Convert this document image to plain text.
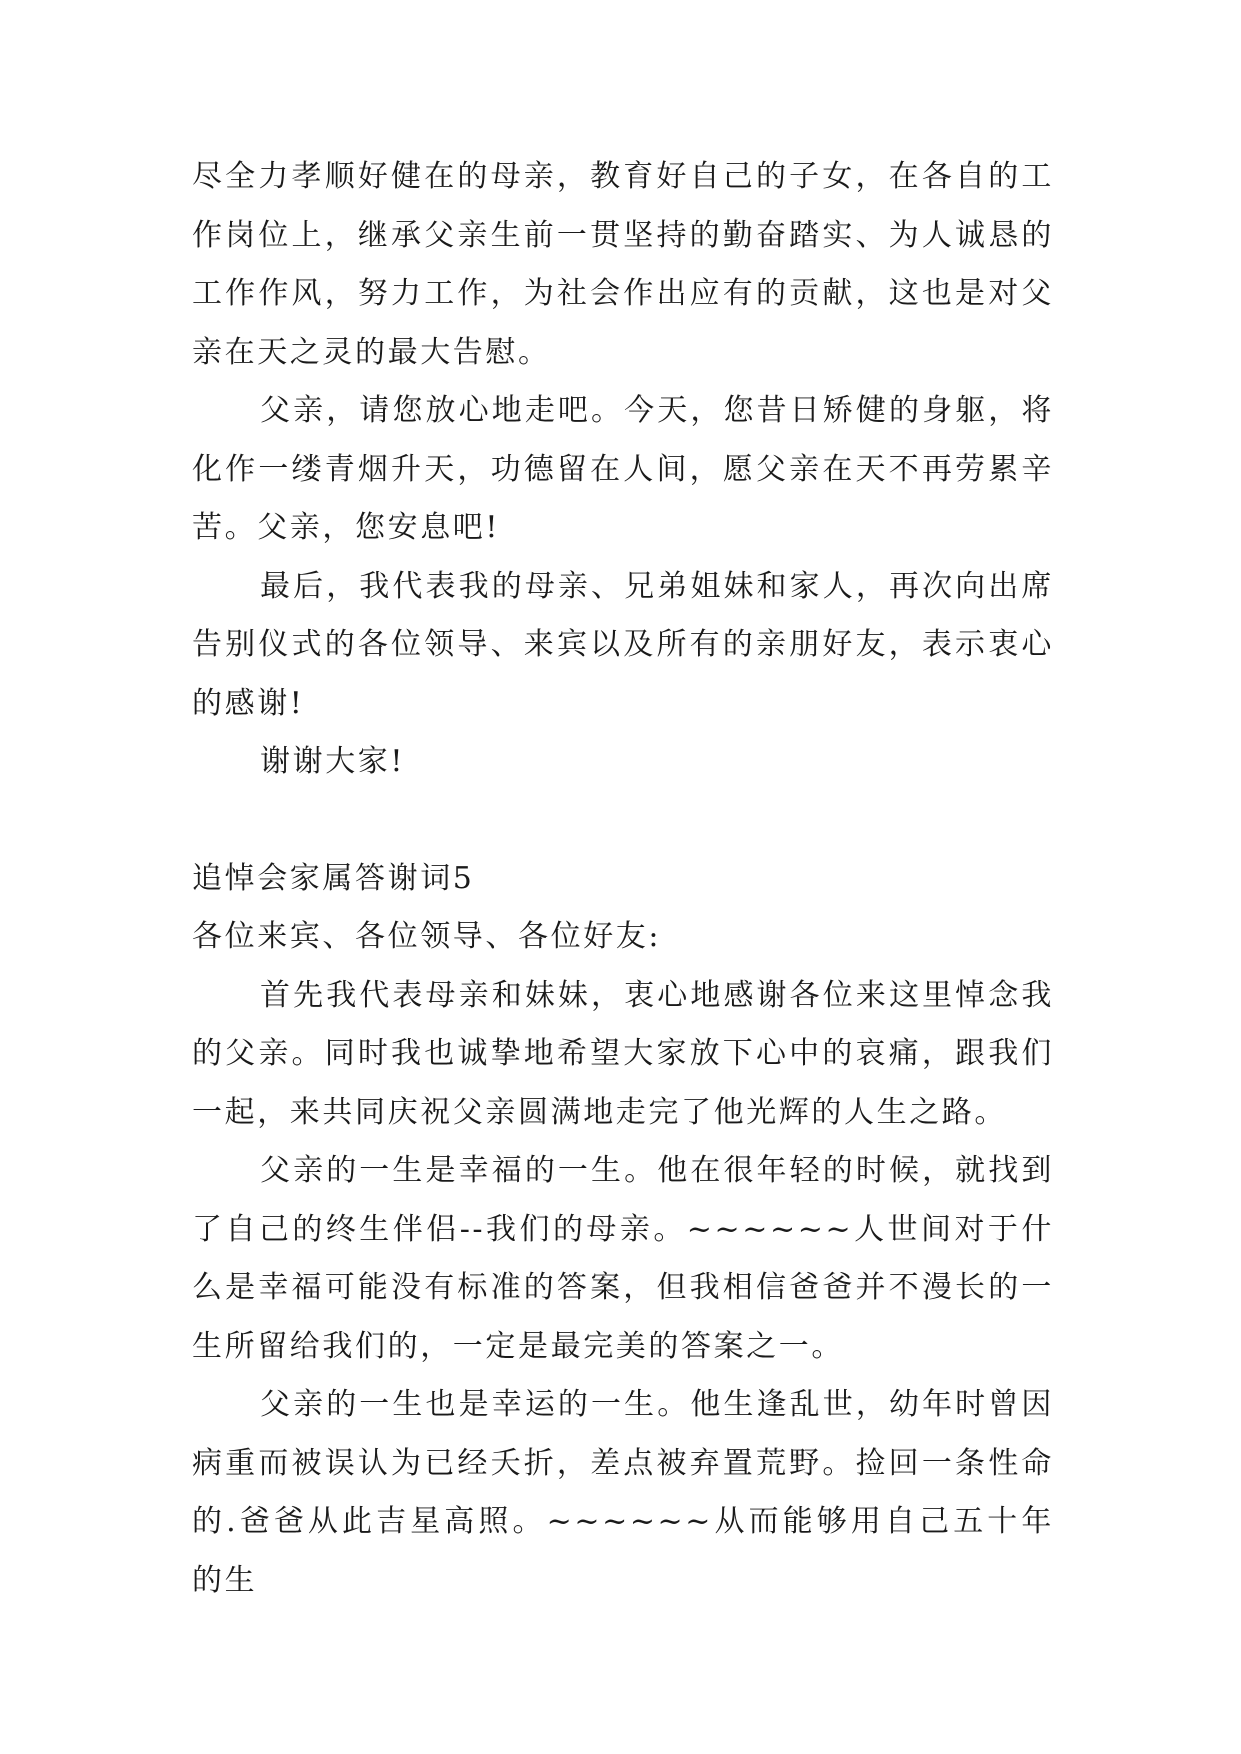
尽全力孝顺好健在的母亲，教育好自己的子女，在各自的工作岗位上，继承父亲生前一贯坚持的勤奋踏实、为人诚恳的工作作风，努力工作，为社会作出应有的贡献，这也是对父亲在天之灵的最大告慰。

父亲，请您放心地走吧。今天，您昔日矫健的身躯，将化作一缕青烟升天，功德留在人间，愿父亲在天不再劳累辛苦。父亲，您安息吧!

最后，我代表我的母亲、兄弟姐妹和家人，再次向出席告别仪式的各位领导、来宾以及所有的亲朋好友，表示衷心的感谢!

谢谢大家!

追悼会家属答谢词5

各位来宾、各位领导、各位好友:

首先我代表母亲和妹妹，衷心地感谢各位来这里悼念我的父亲。同时我也诚挚地希望大家放下心中的哀痛，跟我们一起，来共同庆祝父亲圆满地走完了他光辉的人生之路。

父亲的一生是幸福的一生。他在很年轻的时候，就找到了自己的终生伴侣--我们的母亲。~~~~~~人世间对于什么是幸福可能没有标准的答案，但我相信爸爸并不漫长的一生所留给我们的，一定是最完美的答案之一。

父亲的一生也是幸运的一生。他生逢乱世，幼年时曾因病重而被误认为已经夭折，差点被弃置荒野。捡回一条性命的.爸爸从此吉星高照。~~~~~~从而能够用自己五十年的生
